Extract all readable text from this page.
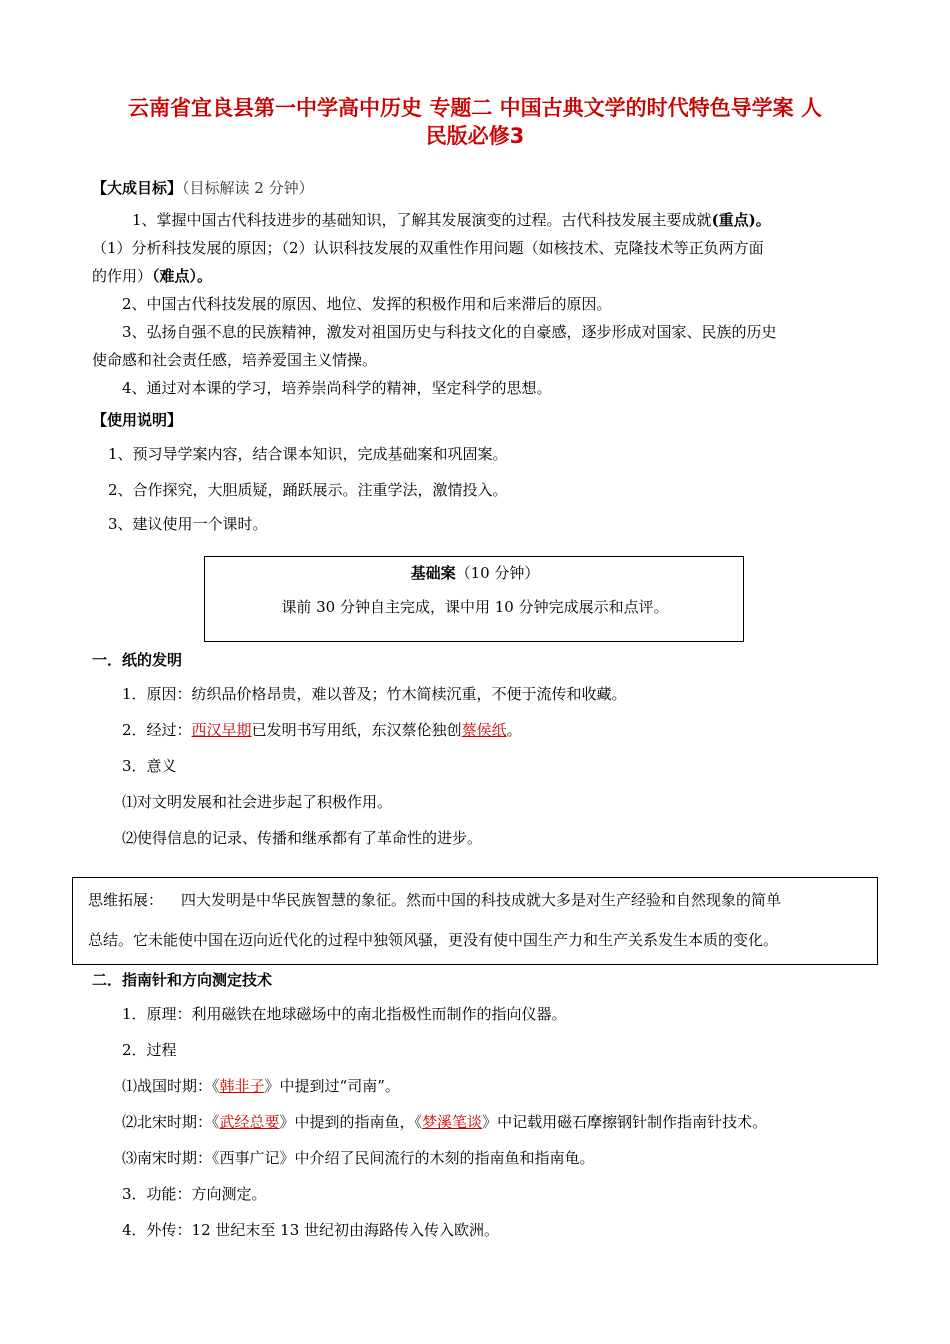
云南省宜良县第一中学高中历史 专题二 中国古典文学的时代特色导学案 人
民版必修3
【大成目标】（目标解读 2 分钟）
1、掌握中国古代科技进步的基础知识，了解其发展演变的过程。古代科技发展主要成就(重点)。
（1）分析科技发展的原因；（2）认识科技发展的双重性作用问题（如核技术、克隆技术等正负两方面
的作用）（难点）。
2、中国古代科技发展的原因、地位、发挥的积极作用和后来滞后的原因。
3、弘扬自强不息的民族精神，激发对祖国历史与科技文化的自豪感，逐步形成对国家、民族的历史
使命感和社会责任感，培养爱国主义情操。
4、通过对本课的学习，培养崇尚科学的精神，坚定科学的思想。
【使用说明】
1、预习导学案内容，结合课本知识，完成基础案和巩固案。
2、合作探究，大胆质疑，踊跃展示。注重学法，激情投入。
3、建议使用一个课时。
基础案（10 分钟）
课前 30 分钟自主完成，课中用 10 分钟完成展示和点评。
一．纸的发明
1．原因：纺织品价格昂贵，难以普及；竹木简椟沉重，不便于流传和收藏。
2．经过：西汉早期已发明书写用纸，东汉蔡伦独创蔡侯纸。
3．意义
⑴对文明发展和社会进步起了积极作用。
⑵使得信息的记录、传播和继承都有了革命性的进步。
思维拓展： 四大发明是中华民族智慧的象征。然而中国的科技成就大多是对生产经验和自然现象的简单
总结。它未能使中国在迈向近代化的过程中独领风骚，更没有使中国生产力和生产关系发生本质的变化。
二．指南针和方向测定技术
1．原理：利用磁铁在地球磁场中的南北指极性而制作的指向仪器。
2．过程
⑴战国时期：《韩非子》中提到过“司南”。
⑵北宋时期：《武经总要》中提到的指南鱼，《梦溪笔谈》中记载用磁石摩擦钢针制作指南针技术。
⑶南宋时期：《西事广记》中介绍了民间流行的木刻的指南鱼和指南龟。
3．功能：方向测定。
4．外传：12 世纪末至 13 世纪初由海路传入传入欧洲。
